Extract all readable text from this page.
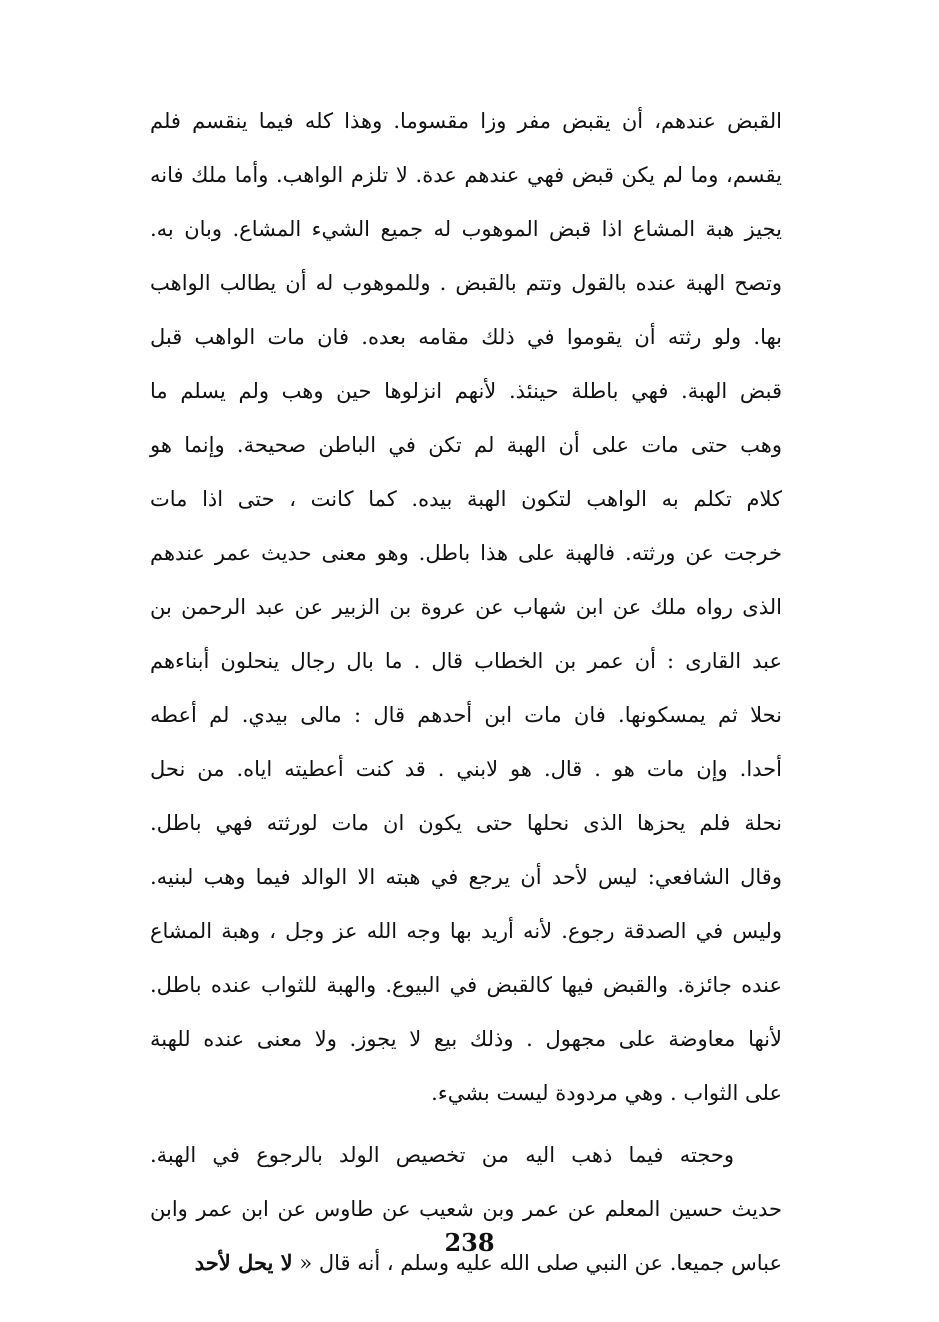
القبض عندهم، أن يقبض مفر وزا مقسوما. وهذا كله فيما ينقسم فلم
يقسم، وما لم يكن قبض فهي عندهم عدة. لا تلزم الواهب. وأما ملك فانه
يجيز هبة المشاع اذا قبض الموهوب له جميع الشيء المشاع. وبان به.
وتصح الهبة عنده بالقول وتتم بالقبض . وللموهوب له أن يطالب الواهب
بها. ولو رثته أن يقوموا في ذلك مقامه بعده. فان مات الواهب قبل
قبض الهبة. فهي باطلة حينئذ. لأنهم انزلوها حين وهب ولم يسلم ما
وهب حتى مات على أن الهبة لم تكن في الباطن صحيحة. وإنما هو
كلام تكلم به الواهب لتكون الهبة بيده. كما كانت ، حتى اذا مات
خرجت عن ورثته. فالهبة على هذا باطل. وهو معنى حديث عمر عندهم
الذى رواه ملك عن ابن شهاب عن عروة بن الزبير عن عبد الرحمن بن
عبد القارى : أن عمر بن الخطاب قال . ما بال رجال ينحلون أبناءهم
نحلا ثم يمسكونها. فان مات ابن أحدهم قال : مالى بيدي. لم أعطه
أحدا. وإن مات هو . قال. هو لابني . قد كنت أعطيته اياه. من نحل
نحلة فلم يحزها الذى نحلها حتى يكون ان مات لورثته فهي باطل.
وقال الشافعي: ليس لأحد أن يرجع في هبته الا الوالد فيما وهب لبنيه.
وليس في الصدقة رجوع. لأنه أريد بها وجه الله عز وجل ، وهبة المشاع
عنده جائزة. والقبض فيها كالقبض في البيوع. والهبة للثواب عنده باطل.
لأنها معاوضة على مجهول . وذلك بيع لا يجوز. ولا معنى عنده للهبة
على الثواب . وهي مردودة ليست بشيء.
وحجته فيما ذهب اليه من تخصيص الولد بالرجوع في الهبة.
حديث حسين المعلم عن عمر وبن شعيب عن طاوس عن ابن عمر وابن
عباس جميعا. عن النبي صلى الله عليه وسلم ، أنه قال « لا يحل لأحد
238
